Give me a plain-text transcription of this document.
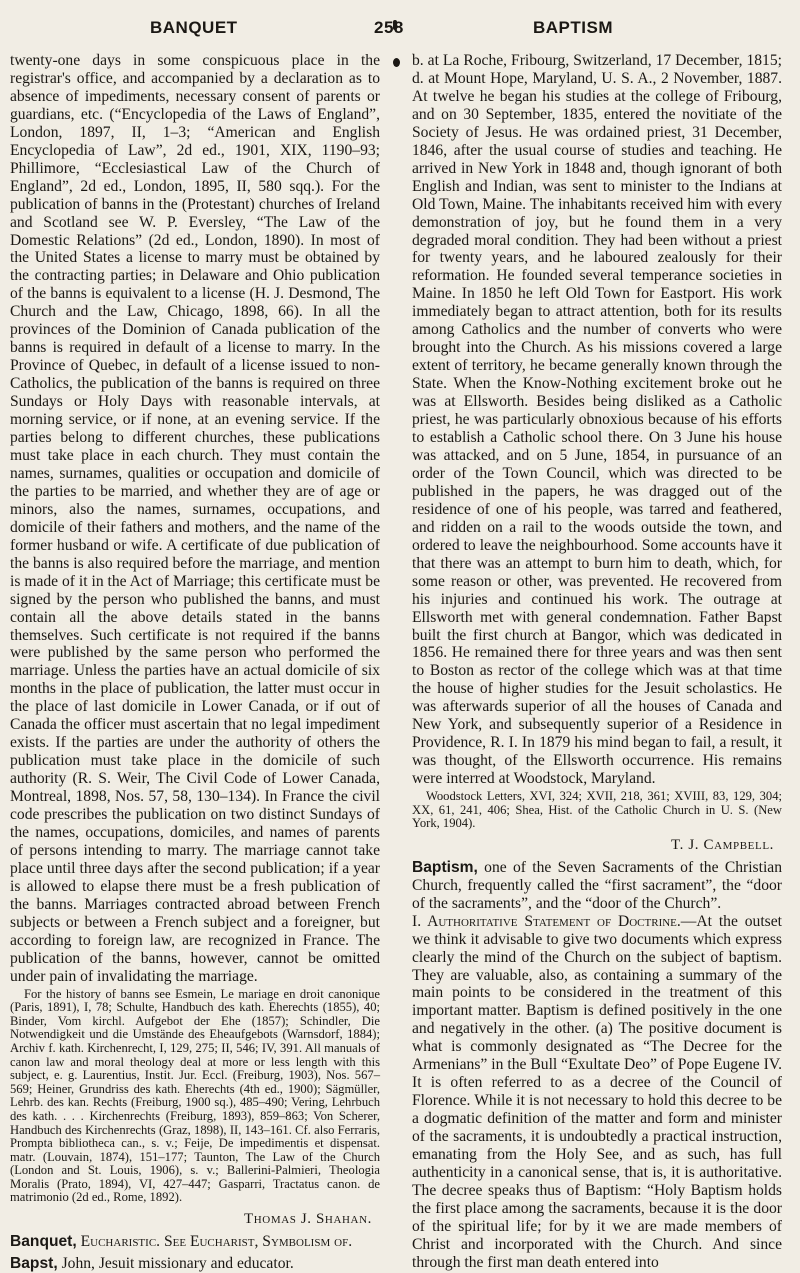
BANQUET	258	BAPTISM

twenty-one days in some conspicuous place in the registrar's office, and accompanied by a declaration as to absence of impediments, necessary consent of parents or guardians, etc. (“Encyclopedia of the Laws of England”, London, 1897, II, 1–3; “American and English Encyclopedia of Law”, 2d ed., 1901, XIX, 1190–93; Phillimore, “Ecclesiastical Law of the Church of England”, 2d ed., London, 1895, II, 580 sqq.). For the publication of banns in the (Protestant) churches of Ireland and Scotland see W. P. Eversley, “The Law of the Domestic Relations” (2d ed., London, 1890). In most of the United States a license to marry must be obtained by the contracting parties; in Delaware and Ohio publication of the banns is equivalent to a license (H. J. Desmond, The Church and the Law, Chicago, 1898, 66). In all the provinces of the Dominion of Canada publication of the banns is required in default of a license to marry. In the Province of Quebec, in default of a license issued to non-Catholics, the publication of the banns is required on three Sundays or Holy Days with reasonable intervals, at morning service, or if none, at an evening service. If the parties belong to different churches, these publications must take place in each church. They must contain the names, surnames, qualities or occupation and domicile of the parties to be married, and whether they are of age or minors, also the names, surnames, occupations, and domicile of their fathers and mothers, and the name of the former husband or wife. A certificate of due publication of the banns is also required before the marriage, and mention is made of it in the Act of Marriage; this certificate must be signed by the person who published the banns, and must contain all the above details stated in the banns themselves. Such certificate is not required if the banns were published by the same person who performed the marriage. Unless the parties have an actual domicile of six months in the place of publication, the latter must occur in the place of last domicile in Lower Canada, or if out of Canada the officer must ascertain that no legal impediment exists. If the parties are under the authority of others the publication must take place in the domicile of such authority (R. S. Weir, The Civil Code of Lower Canada, Montreal, 1898, Nos. 57, 58, 130–134). In France the civil code prescribes the publication on two distinct Sundays of the names, occupations, domiciles, and names of parents of persons intending to marry. The marriage cannot take place until three days after the second publication; if a year is allowed to elapse there must be a fresh publication of the banns. Marriages contracted abroad between French subjects or between a French subject and a foreigner, but according to foreign law, are recognized in France. The publication of the banns, however, cannot be omitted under pain of invalidating the marriage.

For the history of banns see Esmein, Le mariage en droit canonique (Paris, 1891), I, 78; Schulte, Handbuch des kath. Eherechts (1855), 40; Binder, Vom kirchl. Aufgebot der Ehe (1857); Schindler, Die Notwendigkeit und die Umstände des Eheaufgebots (Warnsdorf, 1884); Archiv f. kath. Kirchenrecht, I, 129, 275; II, 546; IV, 391. All manuals of canon law and moral theology deal at more or less length with this subject, e. g. Laurentius, Instit. Jur. Eccl. (Freiburg, 1903), Nos. 567–569; Heiner, Grundriss des kath. Eherechts (4th ed., 1900); Sägmüller, Lehrb. des kan. Rechts (Freiburg, 1900 sq.), 485–490; Vering, Lehrbuch des kath. . . . Kirchenrechts (Freiburg, 1893), 859–863; Von Scherer, Handbuch des Kirchenrechts (Graz, 1898), II, 143–161. Cf. also Ferraris, Prompta bibliotheca can., s. v.; Feije, De impedimentis et dispensat. matr. (Louvain, 1874), 151–177; Taunton, The Law of the Church (London and St. Louis, 1906), s. v.; Ballerini-Palmieri, Theologia Moralis (Prato, 1894), VI, 427–447; Gasparri, Tractatus canon. de matrimonio (2d ed., Rome, 1892).

Thomas J. Shahan.

Banquet, Eucharistic. See Eucharist, Symbolism of.

Bapst, John, Jesuit missionary and educator.

b. at La Roche, Fribourg, Switzerland, 17 December, 1815; d. at Mount Hope, Maryland, U. S. A., 2 November, 1887. At twelve he began his studies at the college of Fribourg, and on 30 September, 1835, entered the novitiate of the Society of Jesus. He was ordained priest, 31 December, 1846, after the usual course of studies and teaching. He arrived in New York in 1848 and, though ignorant of both English and Indian, was sent to minister to the Indians at Old Town, Maine. The inhabitants received him with every demonstration of joy, but he found them in a very degraded moral condition. They had been without a priest for twenty years, and he laboured zealously for their reformation. He founded several temperance societies in Maine. In 1850 he left Old Town for Eastport. His work immediately began to attract attention, both for its results among Catholics and the number of converts who were brought into the Church. As his missions covered a large extent of territory, he became generally known through the State. When the Know-Nothing excitement broke out he was at Ellsworth. Besides being disliked as a Catholic priest, he was particularly obnoxious because of his efforts to establish a Catholic school there. On 3 June his house was attacked, and on 5 June, 1854, in pursuance of an order of the Town Council, which was directed to be published in the papers, he was dragged out of the residence of one of his people, was tarred and feathered, and ridden on a rail to the woods outside the town, and ordered to leave the neighbourhood. Some accounts have it that there was an attempt to burn him to death, which, for some reason or other, was prevented. He recovered from his injuries and continued his work. The outrage at Ellsworth met with general condemnation. Father Bapst built the first church at Bangor, which was dedicated in 1856. He remained there for three years and was then sent to Boston as rector of the college which was at that time the house of higher studies for the Jesuit scholastics. He was afterwards superior of all the houses of Canada and New York, and subsequently superior of a Residence in Providence, R. I. In 1879 his mind began to fail, a result, it was thought, of the Ellsworth occurrence. His remains were interred at Woodstock, Maryland.

Woodstock Letters, XVI, 324; XVII, 218, 361; XVIII, 83, 129, 304; XX, 61, 241, 406; Shea, Hist. of the Catholic Church in U. S. (New York, 1904).

T. J. Campbell.

Baptism, one of the Seven Sacraments of the Christian Church, frequently called the “first sacrament”, the “door of the sacraments”, and the “door of the Church”.

I. Authoritative Statement of Doctrine.—At the outset we think it advisable to give two documents which express clearly the mind of the Church on the subject of baptism. They are valuable, also, as containing a summary of the main points to be considered in the treatment of this important matter. Baptism is defined positively in the one and negatively in the other. (a) The positive document is what is commonly designated as “The Decree for the Armenians” in the Bull “Exultate Deo” of Pope Eugene IV. It is often referred to as a decree of the Council of Florence. While it is not necessary to hold this decree to be a dogmatic definition of the matter and form and minister of the sacraments, it is undoubtedly a practical instruction, emanating from the Holy See, and as such, has full authenticity in a canonical sense, that is, it is authoritative. The decree speaks thus of Baptism: “Holy Baptism holds the first place among the sacraments, because it is the door of the spiritual life; for by it we are made members of Christ and incorporated with the Church. And since through the first man death entered into
